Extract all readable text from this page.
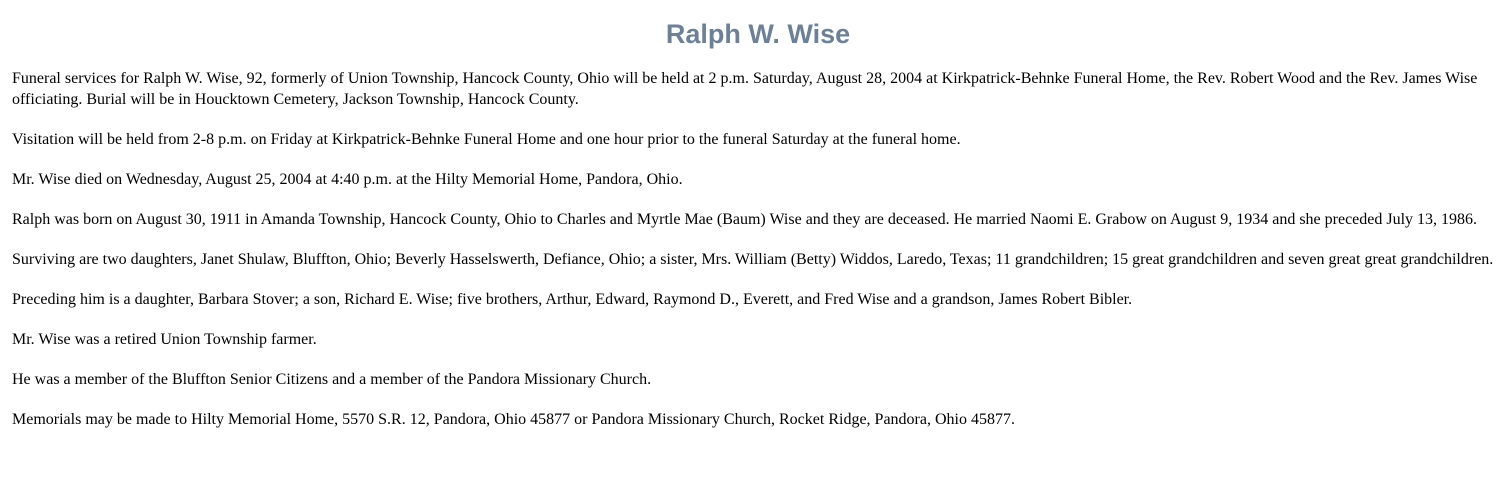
Ralph W. Wise

Funeral services for Ralph W. Wise, 92, formerly of Union Township, Hancock County, Ohio will be held at 2 p.m. Saturday, August 28, 2004 at Kirkpatrick-Behnke Funeral Home, the Rev. Robert Wood and the Rev. James Wise officiating. Burial will be in Houcktown Cemetery, Jackson Township, Hancock County.

Visitation will be held from 2-8 p.m. on Friday at Kirkpatrick-Behnke Funeral Home and one hour prior to the funeral Saturday at the funeral home.

Mr. Wise died on Wednesday, August 25, 2004 at 4:40 p.m. at the Hilty Memorial Home, Pandora, Ohio.

Ralph was born on August 30, 1911 in Amanda Township, Hancock County, Ohio to Charles and Myrtle Mae (Baum) Wise and they are deceased. He married Naomi E. Grabow on August 9, 1934 and she preceded July 13, 1986.

Surviving are two daughters, Janet Shulaw, Bluffton, Ohio; Beverly Hasselswerth, Defiance, Ohio; a sister, Mrs. William (Betty) Widdos, Laredo, Texas; 11 grandchildren; 15 great grandchildren and seven great great grandchildren.

Preceding him is a daughter, Barbara Stover; a son, Richard E. Wise; five brothers, Arthur, Edward, Raymond D., Everett, and Fred Wise and a grandson, James Robert Bibler.

Mr. Wise was a retired Union Township farmer.

He was a member of the Bluffton Senior Citizens and a member of the Pandora Missionary Church.

Memorials may be made to Hilty Memorial Home, 5570 S.R. 12, Pandora, Ohio 45877 or Pandora Missionary Church, Rocket Ridge, Pandora, Ohio 45877.
